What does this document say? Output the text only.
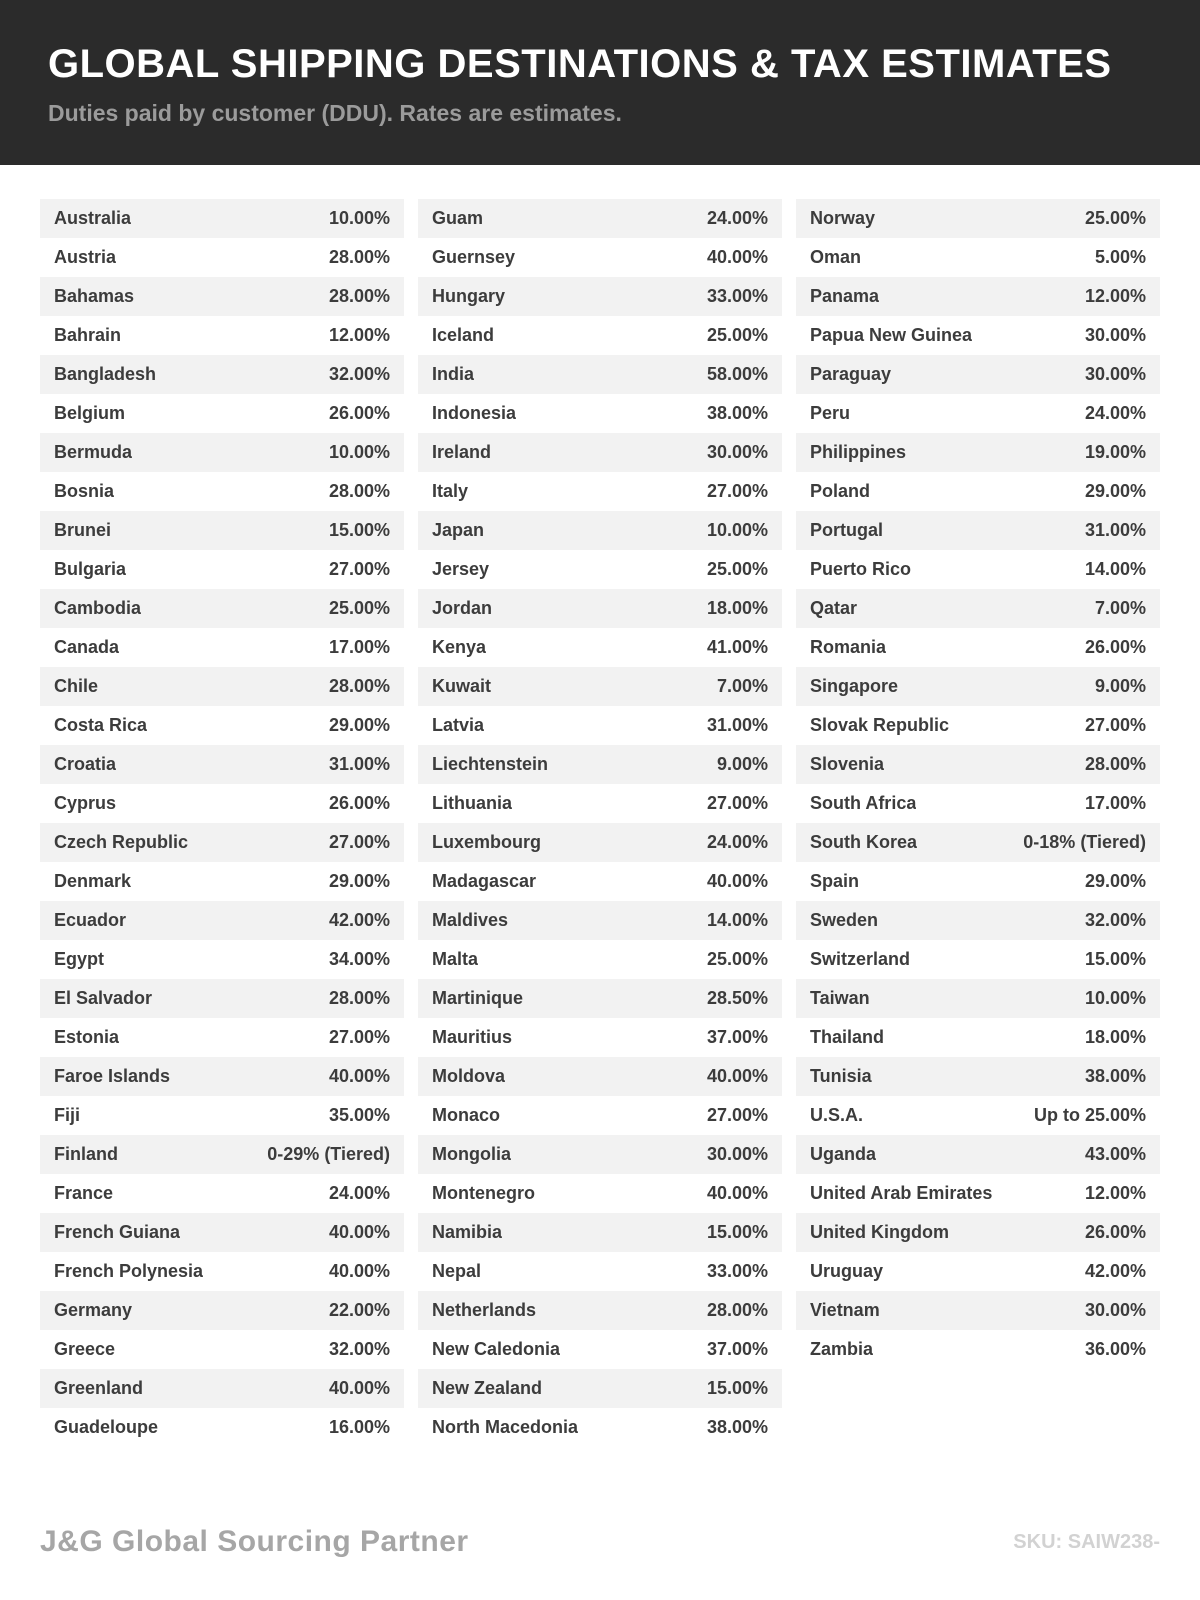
GLOBAL SHIPPING DESTINATIONS & TAX ESTIMATES
Duties paid by customer (DDU). Rates are estimates.
Australia	10.00%
Austria	28.00%
Bahamas	28.00%
Bahrain	12.00%
Bangladesh	32.00%
Belgium	26.00%
Bermuda	10.00%
Bosnia	28.00%
Brunei	15.00%
Bulgaria	27.00%
Cambodia	25.00%
Canada	17.00%
Chile	28.00%
Costa Rica	29.00%
Croatia	31.00%
Cyprus	26.00%
Czech Republic	27.00%
Denmark	29.00%
Ecuador	42.00%
Egypt	34.00%
El Salvador	28.00%
Estonia	27.00%
Faroe Islands	40.00%
Fiji	35.00%
Finland	0-29% (Tiered)
France	24.00%
French Guiana	40.00%
French Polynesia	40.00%
Germany	22.00%
Greece	32.00%
Greenland	40.00%
Guadeloupe	16.00%
Guam	24.00%
Guernsey	40.00%
Hungary	33.00%
Iceland	25.00%
India	58.00%
Indonesia	38.00%
Ireland	30.00%
Italy	27.00%
Japan	10.00%
Jersey	25.00%
Jordan	18.00%
Kenya	41.00%
Kuwait	7.00%
Latvia	31.00%
Liechtenstein	9.00%
Lithuania	27.00%
Luxembourg	24.00%
Madagascar	40.00%
Maldives	14.00%
Malta	25.00%
Martinique	28.50%
Mauritius	37.00%
Moldova	40.00%
Monaco	27.00%
Mongolia	30.00%
Montenegro	40.00%
Namibia	15.00%
Nepal	33.00%
Netherlands	28.00%
New Caledonia	37.00%
New Zealand	15.00%
North Macedonia	38.00%
Norway	25.00%
Oman	5.00%
Panama	12.00%
Papua New Guinea	30.00%
Paraguay	30.00%
Peru	24.00%
Philippines	19.00%
Poland	29.00%
Portugal	31.00%
Puerto Rico	14.00%
Qatar	7.00%
Romania	26.00%
Singapore	9.00%
Slovak Republic	27.00%
Slovenia	28.00%
South Africa	17.00%
South Korea	0-18% (Tiered)
Spain	29.00%
Sweden	32.00%
Switzerland	15.00%
Taiwan	10.00%
Thailand	18.00%
Tunisia	38.00%
U.S.A.	Up to 25.00%
Uganda	43.00%
United Arab Emirates	12.00%
United Kingdom	26.00%
Uruguay	42.00%
Vietnam	30.00%
Zambia	36.00%
J&G Global Sourcing Partner	SKU: SAIW238-
